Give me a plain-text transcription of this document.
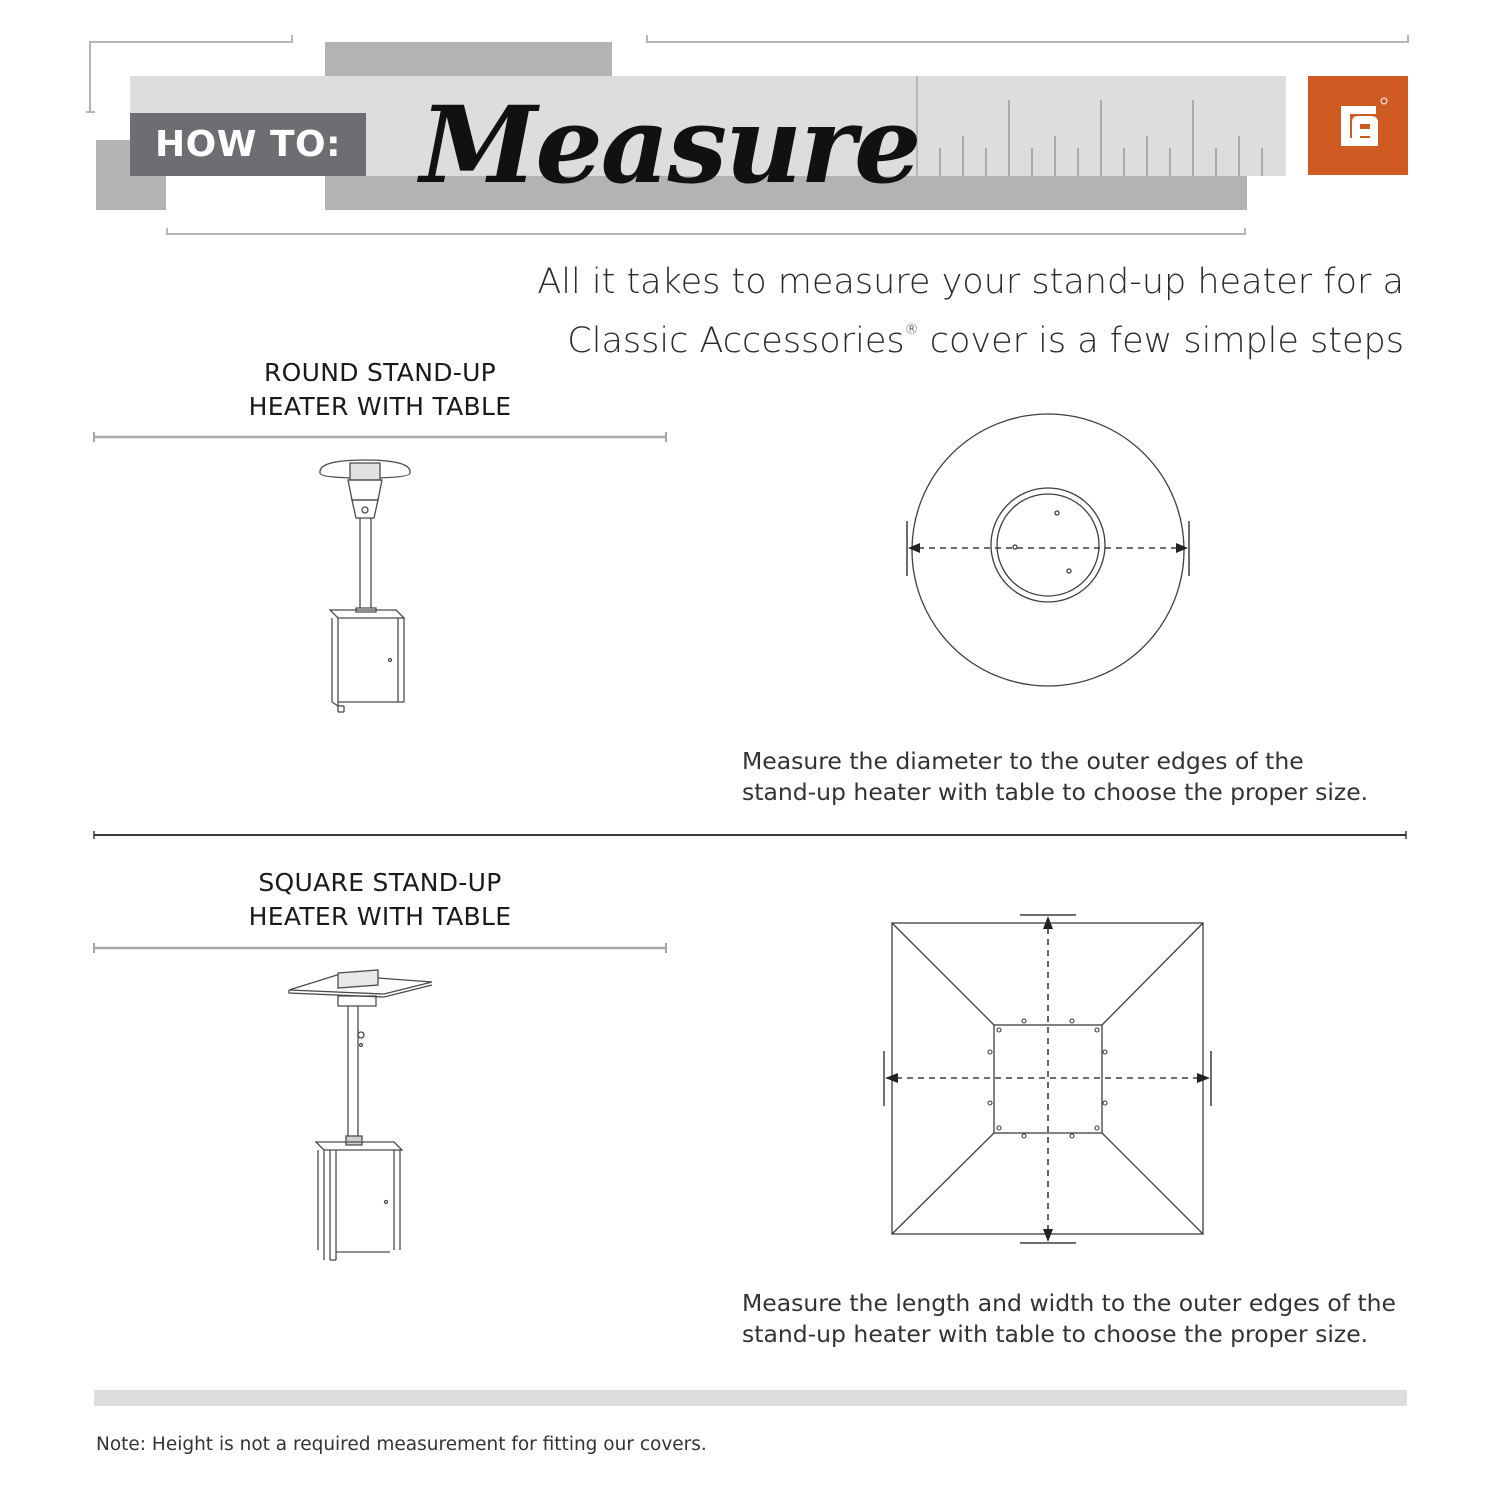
HOW TO: Measure
All it takes to measure your stand-up heater for a
Classic Accessories® cover is a few simple steps
ROUND STAND-UP
HEATER WITH TABLE
Measure the diameter to the outer edges of the
stand-up heater with table to choose the proper size.
SQUARE STAND-UP
HEATER WITH TABLE
Measure the length and width to the outer edges of the
stand-up heater with table to choose the proper size.
Note: Height is not a required measurement for fitting our covers.
